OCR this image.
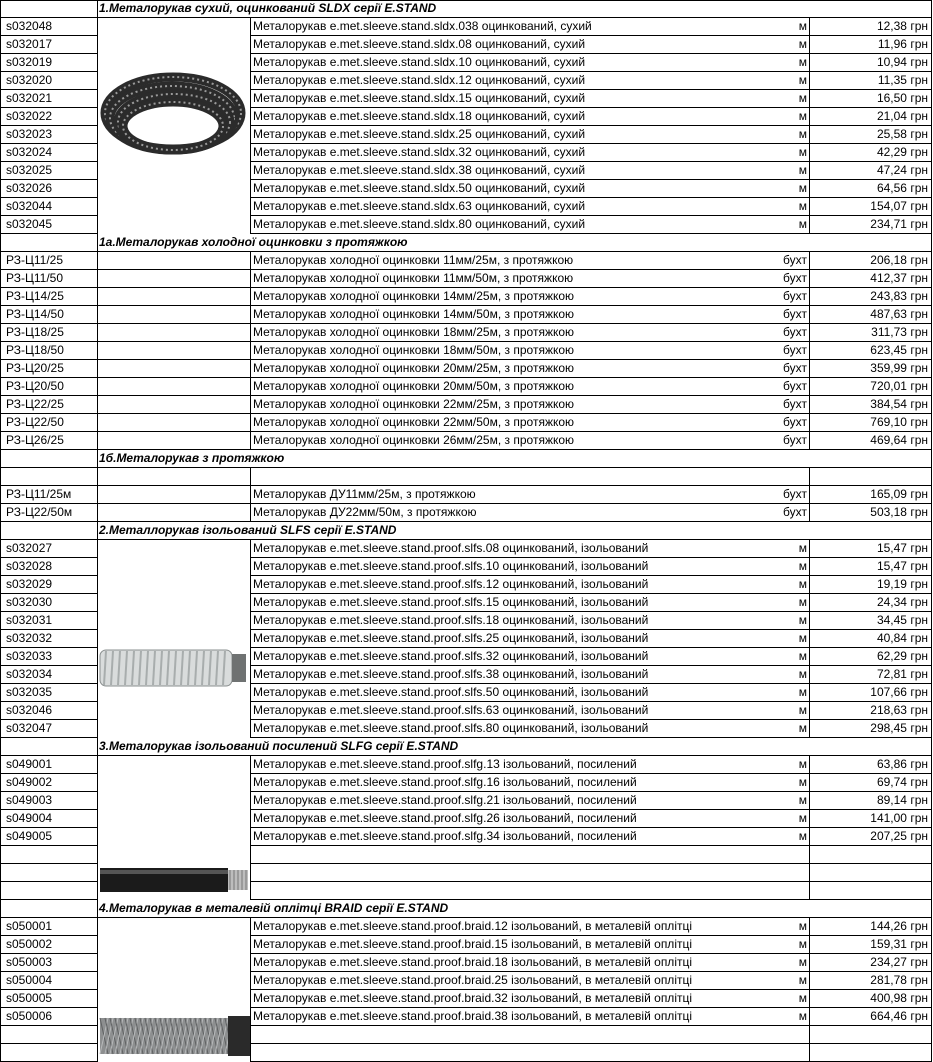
1.Металорукав сухий, оцинкований SLDX серії E.STAND
s032048	Металорукав e.met.sleeve.stand.sldx.038 оцинкований, сухий	м	12,38 грн
s032017	Металорукав e.met.sleeve.stand.sldx.08 оцинкований, сухий	м	11,96 грн
s032019	Металорукав e.met.sleeve.stand.sldx.10 оцинкований, сухий	м	10,94 грн
s032020	Металорукав e.met.sleeve.stand.sldx.12 оцинкований, сухий	м	11,35 грн
s032021	Металорукав e.met.sleeve.stand.sldx.15 оцинкований, сухий	м	16,50 грн
s032022	Металорукав e.met.sleeve.stand.sldx.18 оцинкований, сухий	м	21,04 грн
s032023	Металорукав e.met.sleeve.stand.sldx.25 оцинкований, сухий	м	25,58 грн
s032024	Металорукав e.met.sleeve.stand.sldx.32 оцинкований, сухий	м	42,29 грн
s032025	Металорукав e.met.sleeve.stand.sldx.38 оцинкований, сухий	м	47,24 грн
s032026	Металорукав e.met.sleeve.stand.sldx.50 оцинкований, сухий	м	64,56 грн
s032044	Металорукав e.met.sleeve.stand.sldx.63 оцинкований, сухий	м	154,07 грн
s032045	Металорукав e.met.sleeve.stand.sldx.80 оцинкований, сухий	м	234,71 грн
1а.Металорукав холодної оцинковки з протяжкою
РЗ-Ц11/25	Металорукав холодної оцинковки 11мм/25м, з протяжкою	бухт	206,18 грн
РЗ-Ц11/50	Металорукав холодної оцинковки 11мм/50м, з протяжкою	бухт	412,37 грн
РЗ-Ц14/25	Металорукав холодної оцинковки 14мм/25м, з протяжкою	бухт	243,83 грн
РЗ-Ц14/50	Металорукав холодної оцинковки 14мм/50м, з протяжкою	бухт	487,63 грн
РЗ-Ц18/25	Металорукав холодної оцинковки 18мм/25м, з протяжкою	бухт	311,73 грн
РЗ-Ц18/50	Металорукав холодної оцинковки 18мм/50м, з протяжкою	бухт	623,45 грн
РЗ-Ц20/25	Металорукав холодної оцинковки 20мм/25м, з протяжкою	бухт	359,99 грн
РЗ-Ц20/50	Металорукав холодної оцинковки 20мм/50м, з протяжкою	бухт	720,01 грн
РЗ-Ц22/25	Металорукав холодної оцинковки 22мм/25м, з протяжкою	бухт	384,54 грн
РЗ-Ц22/50	Металорукав холодної оцинковки 22мм/50м, з протяжкою	бухт	769,10 грн
РЗ-Ц26/25	Металорукав холодної оцинковки 26мм/25м, з протяжкою	бухт	469,64 грн
1б.Металорукав з протяжкою
РЗ-Ц11/25м	Металорукав ДУ11мм/25м, з протяжкою	бухт	165,09 грн
РЗ-Ц22/50м	Металорукав ДУ22мм/50м, з протяжкою	бухт	503,18 грн
2.Металлорукав ізольований SLFS серії E.STAND
s032027	Металорукав e.met.sleeve.stand.proof.slfs.08 оцинкований, ізольований	м	15,47 грн
s032028	Металорукав e.met.sleeve.stand.proof.slfs.10 оцинкований, ізольований	м	15,47 грн
s032029	Металорукав e.met.sleeve.stand.proof.slfs.12 оцинкований, ізольований	м	19,19 грн
s032030	Металорукав e.met.sleeve.stand.proof.slfs.15 оцинкований, ізольований	м	24,34 грн
s032031	Металорукав e.met.sleeve.stand.proof.slfs.18 оцинкований, ізольований	м	34,45 грн
s032032	Металорукав e.met.sleeve.stand.proof.slfs.25 оцинкований, ізольований	м	40,84 грн
s032033	Металорукав e.met.sleeve.stand.proof.slfs.32 оцинкований, ізольований	м	62,29 грн
s032034	Металорукав e.met.sleeve.stand.proof.slfs.38 оцинкований, ізольований	м	72,81 грн
s032035	Металорукав e.met.sleeve.stand.proof.slfs.50 оцинкований, ізольований	м	107,66 грн
s032046	Металорукав e.met.sleeve.stand.proof.slfs.63 оцинкований, ізольований	м	218,63 грн
s032047	Металорукав e.met.sleeve.stand.proof.slfs.80 оцинкований, ізольований	м	298,45 грн
3.Металорукав ізольований посилений SLFG серії E.STAND
s049001	Металорукав e.met.sleeve.stand.proof.slfg.13 ізольований, посилений	м	63,86 грн
s049002	Металорукав e.met.sleeve.stand.proof.slfg.16 ізольований, посилений	м	69,74 грн
s049003	Металорукав e.met.sleeve.stand.proof.slfg.21 ізольований, посилений	м	89,14 грн
s049004	Металорукав e.met.sleeve.stand.proof.slfg.26 ізольований, посилений	м	141,00 грн
s049005	Металорукав e.met.sleeve.stand.proof.slfg.34 ізольований, посилений	м	207,25 грн
4.Металорукав в металевій оплітці BRAID серії E.STAND
s050001	Металорукав e.met.sleeve.stand.proof.braid.12 ізольований, в металевій оплітці	м	144,26 грн
s050002	Металорукав e.met.sleeve.stand.proof.braid.15 ізольований, в металевій оплітці	м	159,31 грн
s050003	Металорукав e.met.sleeve.stand.proof.braid.18 ізольований, в металевій оплітці	м	234,27 грн
s050004	Металорукав e.met.sleeve.stand.proof.braid.25 ізольований, в металевій оплітці	м	281,78 грн
s050005	Металорукав e.met.sleeve.stand.proof.braid.32 ізольований, в металевій оплітці	м	400,98 грн
s050006	Металорукав e.met.sleeve.stand.proof.braid.38 ізольований, в металевій оплітці	м	664,46 грн
